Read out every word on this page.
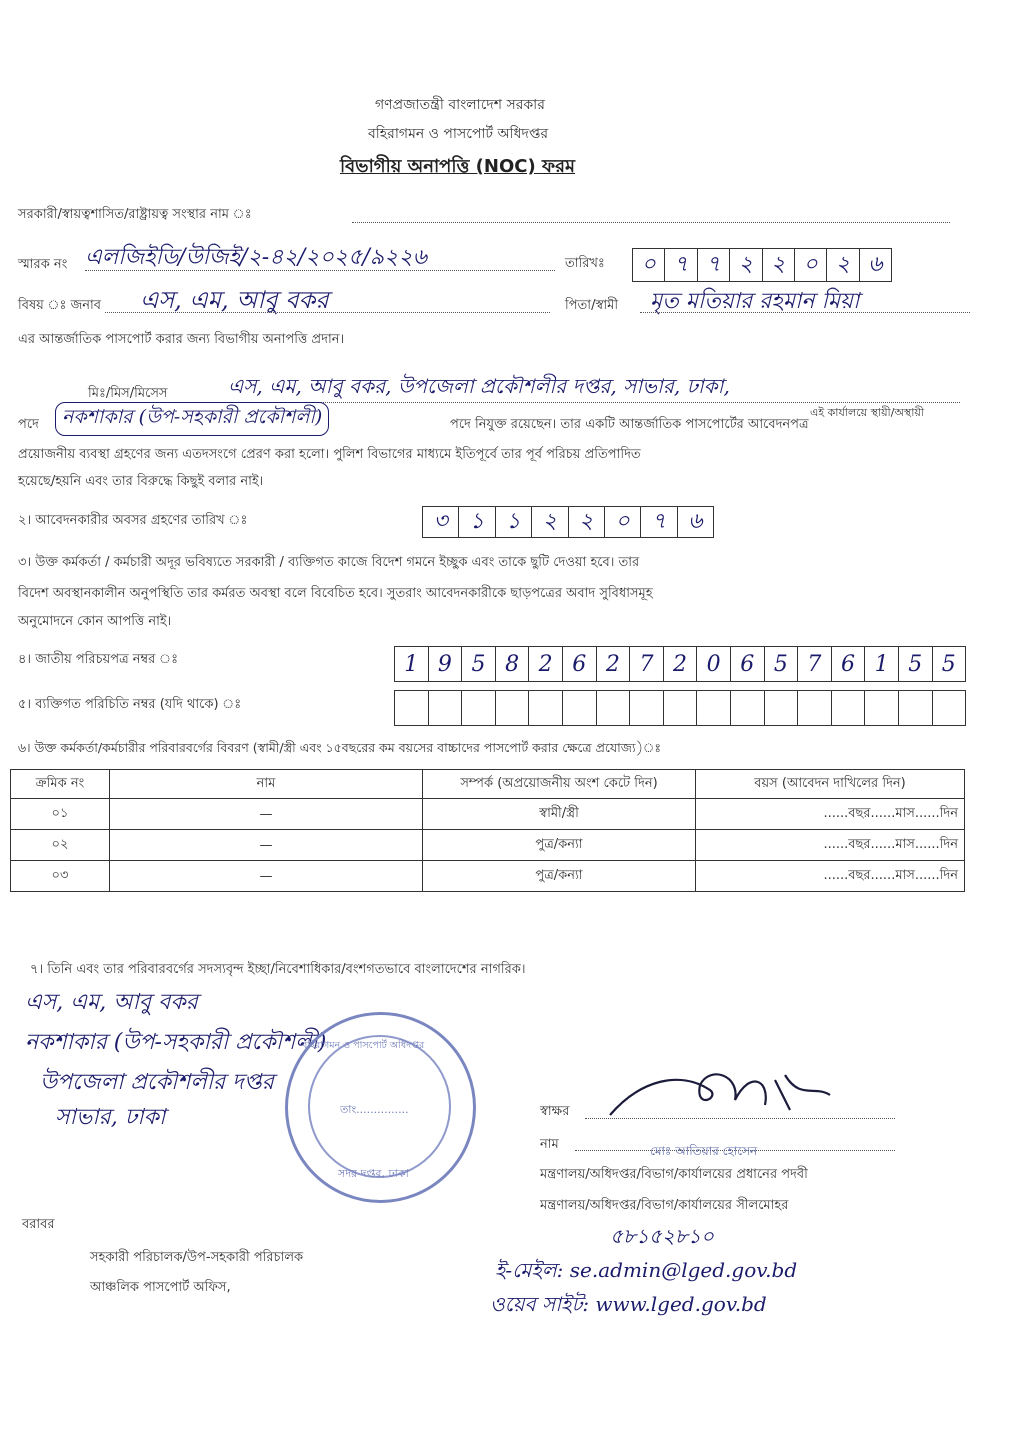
গণপ্রজাতন্ত্রী বাংলাদেশ সরকার
বহিরাগমন ও পাসপোর্ট অধিদপ্তর
বিভাগীয় অনাপত্তি (NOC) ফরম
সরকারী/স্বায়ত্বশাসিত/রাষ্ট্রায়ত্ব সংস্থার নাম ঃ
স্মারক নং এলজিইডি/উজিই/২-৪২/২০২৫/৯২২৬	তারিখঃ	০ ৭ ৭ ২ ২ ০ ২ ৬
বিষয় ঃ জনাব এস, এম, আবু বকর	পিতা/স্বামী মৃত মতিয়ার রহমান মিয়া
এর আন্তর্জাতিক পাসপোর্ট করার জন্য বিভাগীয় অনাপত্তি প্রদান।
মিঃ/মিস/মিসেস	এস, এম, আবু বকর, উপজেলা প্রকৌশলীর দপ্তর, সাভার, ঢাকা,
এই কার্যালয়ে স্থায়ী/অস্থায়ী
পদে	নকশাকার (উপ-সহকারী প্রকৌশলী)	পদে নিযুক্ত রয়েছেন। তার একটি আন্তর্জাতিক পাসপোর্টের আবেদনপত্র
প্রয়োজনীয় ব্যবস্থা গ্রহণের জন্য এতদসংগে প্রেরণ করা হলো। পুলিশ বিভাগের মাধ্যমে ইতিপূর্বে তার পূর্ব পরিচয় প্রতিপাদিত
হয়েছে/হয়নি এবং তার বিরুদ্ধে কিছুই বলার নাই।
২। আবেদনকারীর অবসর গ্রহণের তারিখ ঃ	৩	১	১	২	২	০	৭	৬
৩। উক্ত কর্মকর্তা / কর্মচারী অদূর ভবিষ্যতে সরকারী / ব্যক্তিগত কাজে বিদেশ গমনে ইচ্ছুক এবং তাকে ছুটি দেওয়া হবে। তার
বিদেশ অবস্থানকালীন অনুপস্থিতি তার কর্মরত অবস্থা বলে বিবেচিত হবে। সুতরাং আবেদনকারীকে ছাড়পত্রের অবাদ সুবিধাসমূহ
অনুমোদনে কোন আপত্তি নাই।
৪। জাতীয় পরিচয়পত্র নম্বর ঃ	1 9 5 8 2 6 2 7 2 0 6 5 7 6 1 5 5
৫। ব্যক্তিগত পরিচিতি নম্বর (যদি থাকে) ঃ
৬। উক্ত কর্মকর্তা/কর্মচারীর পরিবারবর্গের বিবরণ (স্বামী/স্ত্রী এবং ১৫বছরের কম বয়সের বাচ্চাদের পাসপোর্ট করার ক্ষেত্রে প্রযোজ্য)ঃ
ক্রমিক নং	নাম	সম্পর্ক (অপ্রয়োজনীয় অংশ কেটে দিন)	বয়স (আবেদন দাখিলের দিন)
০১	—	স্বামী/স্ত্রী	......বছর......মাস......দিন
০২	—	পুত্র/কন্যা	......বছর......মাস......দিন
০৩	—	পুত্র/কন্যা	......বছর......মাস......দিন
৭। তিনি এবং তার পরিবারবর্গের সদস্যবৃন্দ ইচ্ছা/নিবেশাধিকার/বংশগতভাবে বাংলাদেশের নাগরিক।
এস, এম, আবু বকর
নকশাকার (উপ-সহকারী প্রকৌশলী)
উপজেলা প্রকৌশলীর দপ্তর
সাভার, ঢাকা
বহিরাগমন ও পাসপোর্ট অধিদপ্তর
তাং...............
সদর দপ্তর, ঢাকা
স্বাক্ষর
নাম	মোঃ আতিয়ার হোসেন
মন্ত্রণালয়/অধিদপ্তর/বিভাগ/কার্যালয়ের প্রধানের পদবী
মন্ত্রণালয়/অধিদপ্তর/বিভাগ/কার্যালয়ের সীলমোহর
৫৮১৫২৮১০
ই-মেইল: se.admin@lged.gov.bd
ওয়েব সাইট: www.lged.gov.bd
বরাবর
সহকারী পরিচালক/উপ-সহকারী পরিচালক
আঞ্চলিক পাসপোর্ট অফিস,
